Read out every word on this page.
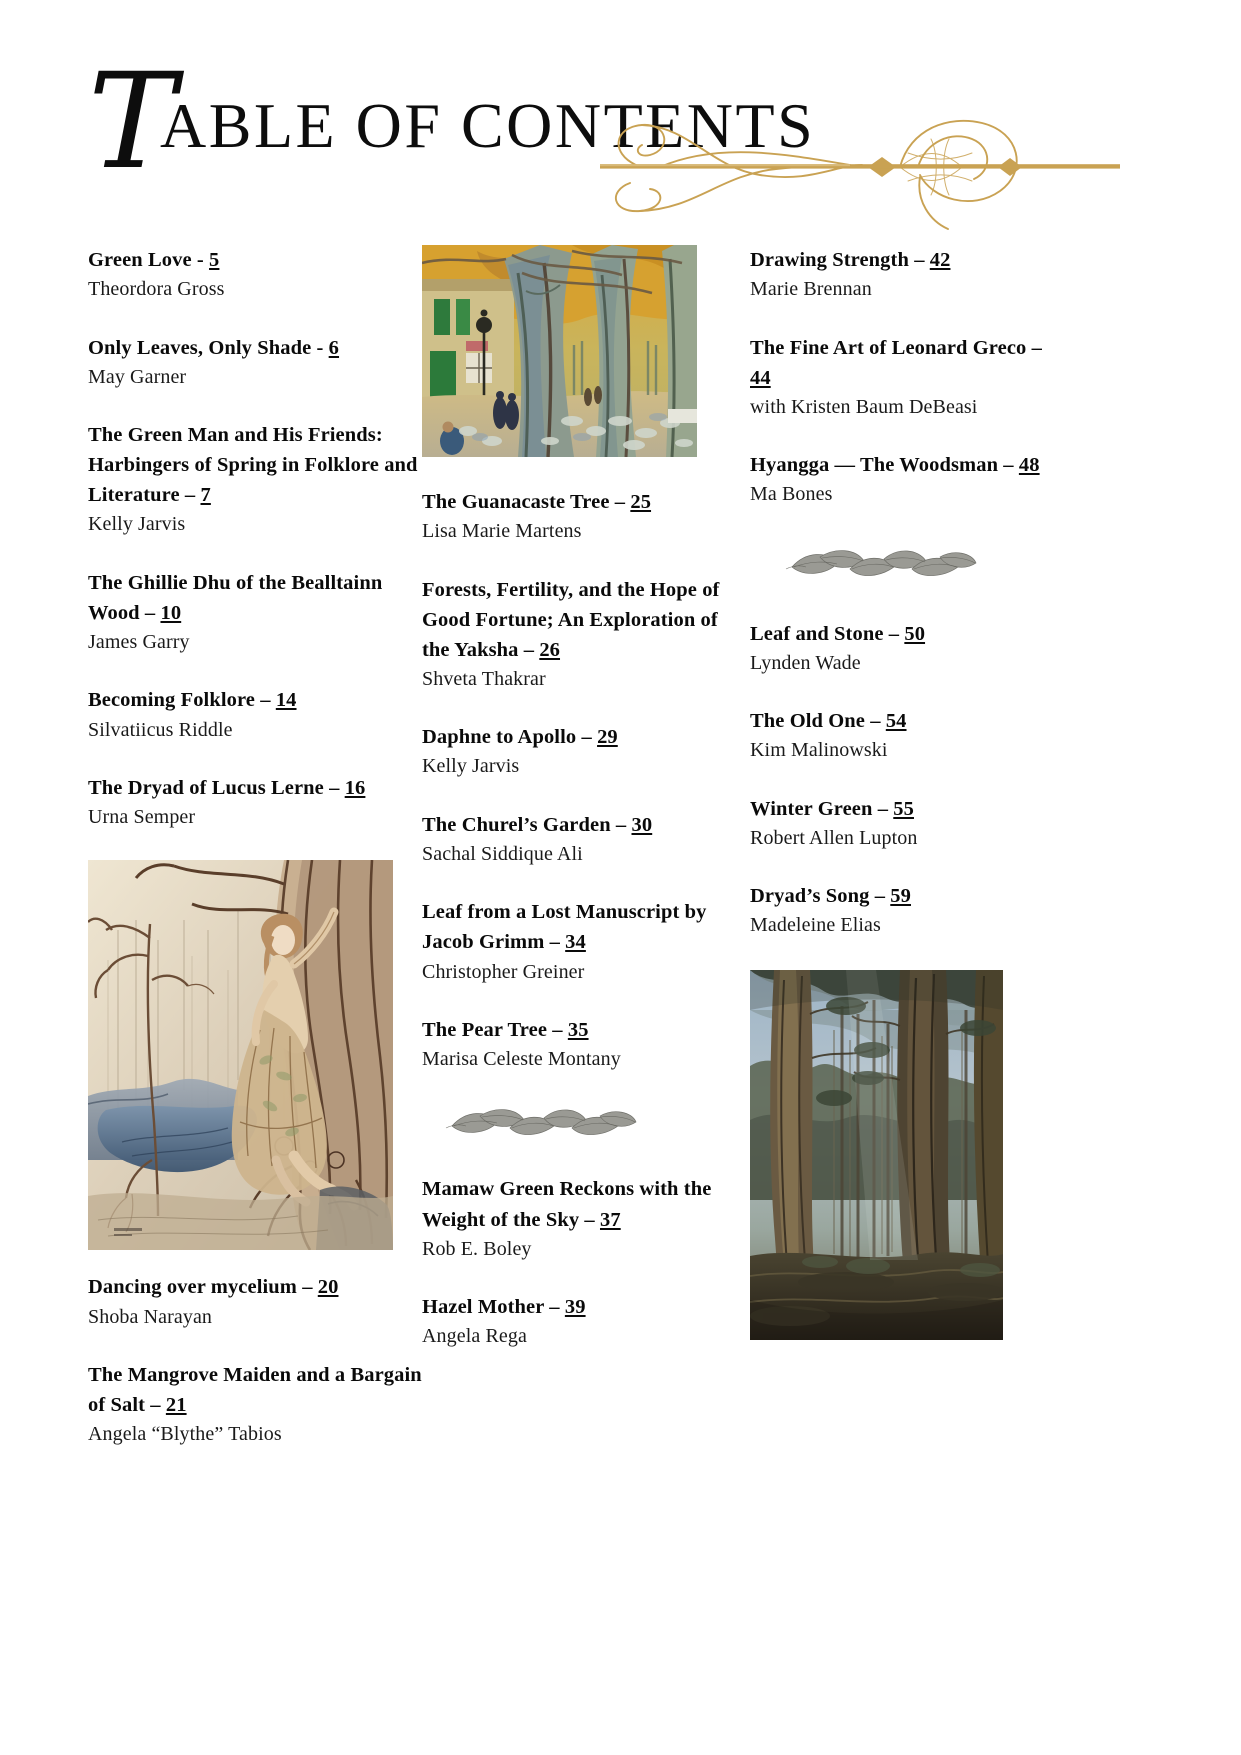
TABLE OF CONTENTS
Green Love - 5
Theordora Gross
Only Leaves, Only Shade - 6
May Garner
The Green Man and His Friends: Harbingers of Spring in Folklore and Literature – 7
Kelly Jarvis
The Ghillie Dhu of the Bealltainn Wood – 10
James Garry
Becoming Folklore – 14
Silvatiicus Riddle
The Dryad of Lucus Lerne – 16
Urna Semper
Dancing over mycelium – 20
Shoba Narayan
The Mangrove Maiden and a Bargain of Salt – 21
Angela “Blythe” Tabios
The Guanacaste Tree – 25
Lisa Marie Martens
Forests, Fertility, and the Hope of Good Fortune; An Exploration of the Yaksha – 26
Shveta Thakrar
Daphne to Apollo – 29
Kelly Jarvis
The Churel’s Garden – 30
Sachal Siddique Ali
Leaf from a Lost Manuscript by Jacob Grimm – 34
Christopher Greiner
The Pear Tree – 35
Marisa Celeste Montany
Mamaw Green Reckons with the Weight of the Sky – 37
Rob E. Boley
Hazel Mother – 39
Angela Rega
Drawing Strength – 42
Marie Brennan
The Fine Art of Leonard Greco – 44
with Kristen Baum DeBeasi
Hyangga — The Woodsman – 48
Ma Bones
Leaf and Stone – 50
Lynden Wade
The Old One – 54
Kim Malinowski
Winter Green – 55
Robert Allen Lupton
Dryad’s Song – 59
Madeleine Elias
